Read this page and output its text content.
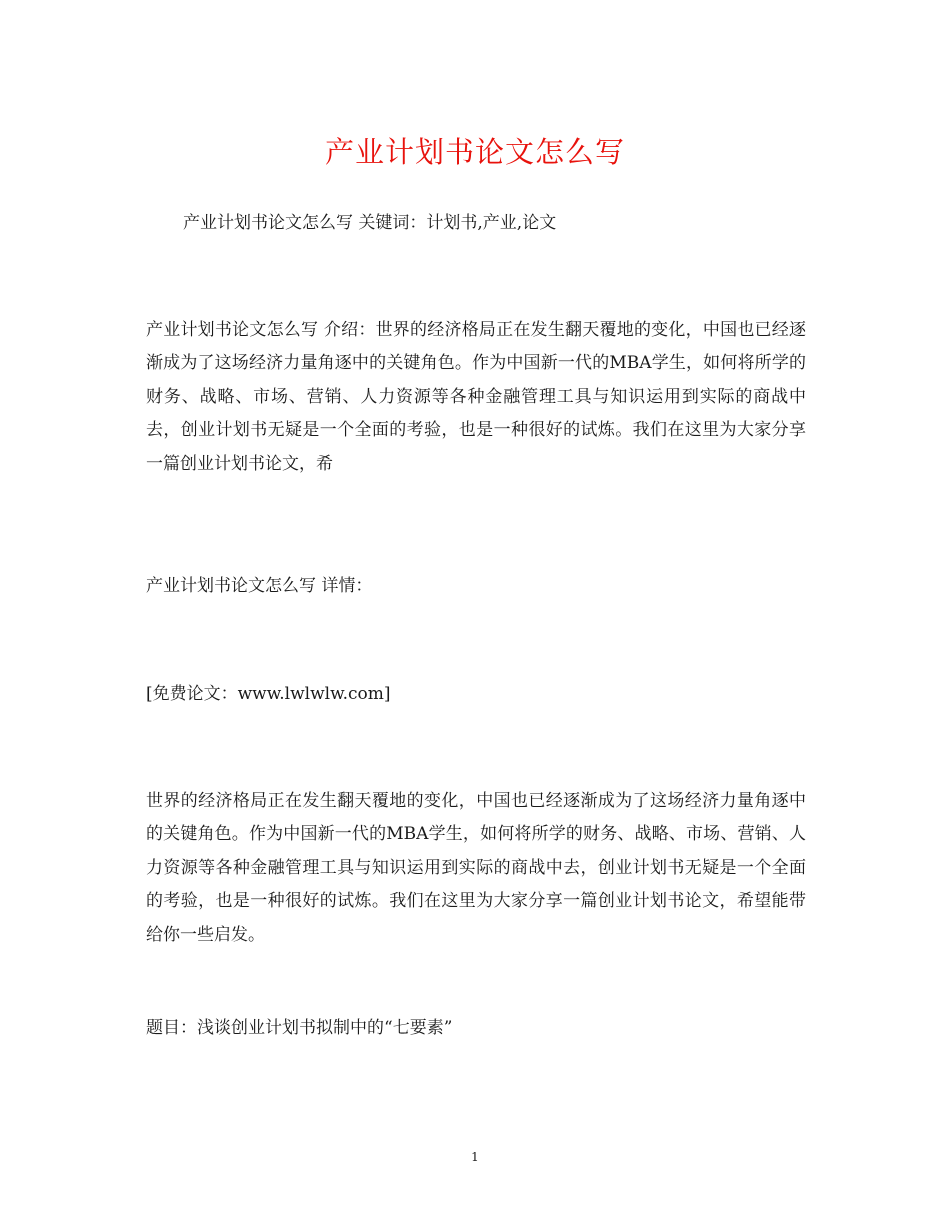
产业计划书论文怎么写

产业计划书论文怎么写 关键词：计划书,产业,论文

产业计划书论文怎么写 介绍：世界的经济格局正在发生翻天覆地的变化，中国也已经逐渐成为了这场经济力量角逐中的关键角色。作为中国新一代的MBA学生，如何将所学的财务、战略、市场、营销、人力资源等各种金融管理工具与知识运用到实际的商战中去，创业计划书无疑是一个全面的考验，也是一种很好的试炼。我们在这里为大家分享一篇创业计划书论文，希

产业计划书论文怎么写 详情：

[免费论文：www.lwlwlw.com]

世界的经济格局正在发生翻天覆地的变化，中国也已经逐渐成为了这场经济力量角逐中的关键角色。作为中国新一代的MBA学生，如何将所学的财务、战略、市场、营销、人力资源等各种金融管理工具与知识运用到实际的商战中去，创业计划书无疑是一个全面的考验，也是一种很好的试炼。我们在这里为大家分享一篇创业计划书论文，希望能带给你一些启发。

题目：浅谈创业计划书拟制中的“七要素”

1
